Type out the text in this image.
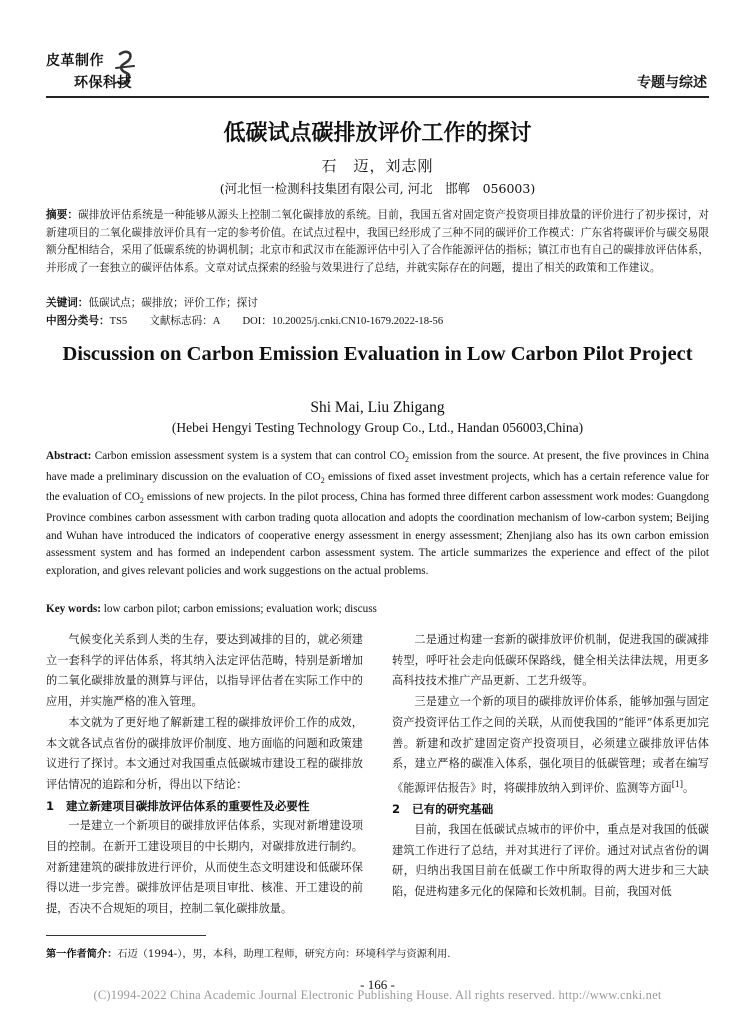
皮革制作
环保科技	专题与综述
低碳试点碳排放评价工作的探讨
石　迈，刘志刚
(河北恒一检测科技集团有限公司, 河北　邯郸　056003)
摘要：碳排放评估系统是一种能够从源头上控制二氧化碳排放的系统。目前，我国五省对固定资产投资项目排放量的评价进行了初步探讨，对新建项目的二氧化碳排放评价具有一定的参考价值。在试点过程中，我国已经形成了三种不同的碳评价工作模式：广东省将碳评价与碳交易限额分配相结合，采用了低碳系统的协调机制；北京市和武汉市在能源评估中引入了合作能源评估的指标；镇江市也有自己的碳排放评估体系，并形成了一套独立的碳评估体系。文章对试点探索的经验与效果进行了总结，并就实际存在的问题，提出了相关的政策和工作建议。
关键词：低碳试点；碳排放；评价工作；探讨
中图分类号：TS5 文献标志码：A DOI：10.20025/j.cnki.CN10-1679.2022-18-56
Discussion on Carbon Emission Evaluation in Low Carbon Pilot Project
Shi Mai, Liu Zhigang
(Hebei Hengyi Testing Technology Group Co., Ltd., Handan 056003,China)
Abstract: Carbon emission assessment system is a system that can control $CO_2$ emission from the source. At present, the five provinces in China have made a preliminary discussion on the evaluation of $CO_2$ emissions of fixed asset investment projects, which has a certain reference value for the evaluation of $CO_2$ emissions of new projects. In the pilot process, China has formed three different carbon assessment work modes: Guangdong Province combines carbon assessment with carbon trading quota allocation and adopts the coordination mechanism of low-carbon system; Beijing and Wuhan have introduced the indicators of cooperative energy assessment in energy assessment; Zhenjiang also has its own carbon emission assessment system and has formed an independent carbon assessment system. The article summarizes the experience and effect of the pilot exploration, and gives relevant policies and work suggestions on the actual problems.
Key words: low carbon pilot; carbon emissions; evaluation work; discuss

气候变化关系到人类的生存，要达到减排的目的，就必须建立一套科学的评估体系，将其纳入法定评估范畴，特别是新增加的二氧化碳排放量的测算与评估，以指导评估者在实际工作中的应用，并实施严格的准入管理。

本文就为了更好地了解新建工程的碳排放评价工作的成效，本文就各试点省份的碳排放评价制度、地方面临的问题和政策建议进行了探讨。本文通过对我国重点低碳城市建设工程的碳排放评估情况的追踪和分析，得出以下结论：

1 建立新建项目碳排放评估体系的重要性及必要性

一是建立一个新项目的碳排放评估体系，实现对新增建设项目的控制。在新开工建设项目的中长期内，对碳排放进行制约。对新建建筑的碳排放进行评价，从而使生态文明建设和低碳环保得以进一步完善。碳排放评估是项目审批、核准、开工建设的前提，否决不合规矩的项目，控制二氧化碳排放量。

二是通过构建一套新的碳排放评价机制，促进我国的碳减排转型，呼吁社会走向低碳环保路线，健全相关法律法规，用更多高科技技术推广产品更新、工艺升级等。

三是建立一个新的项目的碳排放评价体系，能够加强与固定资产投资评估工作之间的关联，从而使我国的“能评”体系更加完善。新建和改扩建固定资产投资项目，必须建立碳排放评估体系，建立严格的碳准入体系，强化项目的低碳管理；或者在编写《能源评估报告》时，将碳排放纳入到评价、监测等方面[1]。

2 已有的研究基础

目前，我国在低碳试点城市的评价中，重点是对我国的低碳建筑工作进行了总结，并对其进行了评价。通过对试点省份的调研，归纳出我国目前在低碳工作中所取得的两大进步和三大缺陷，促进构建多元化的保障和长效机制。目前，我国对低

第一作者简介：石迈（1994-），男，本科，助理工程师，研究方向：环境科学与资源利用.
- 166 -
(C)1994-2022 China Academic Journal Electronic Publishing House. All rights reserved. http://www.cnki.net
